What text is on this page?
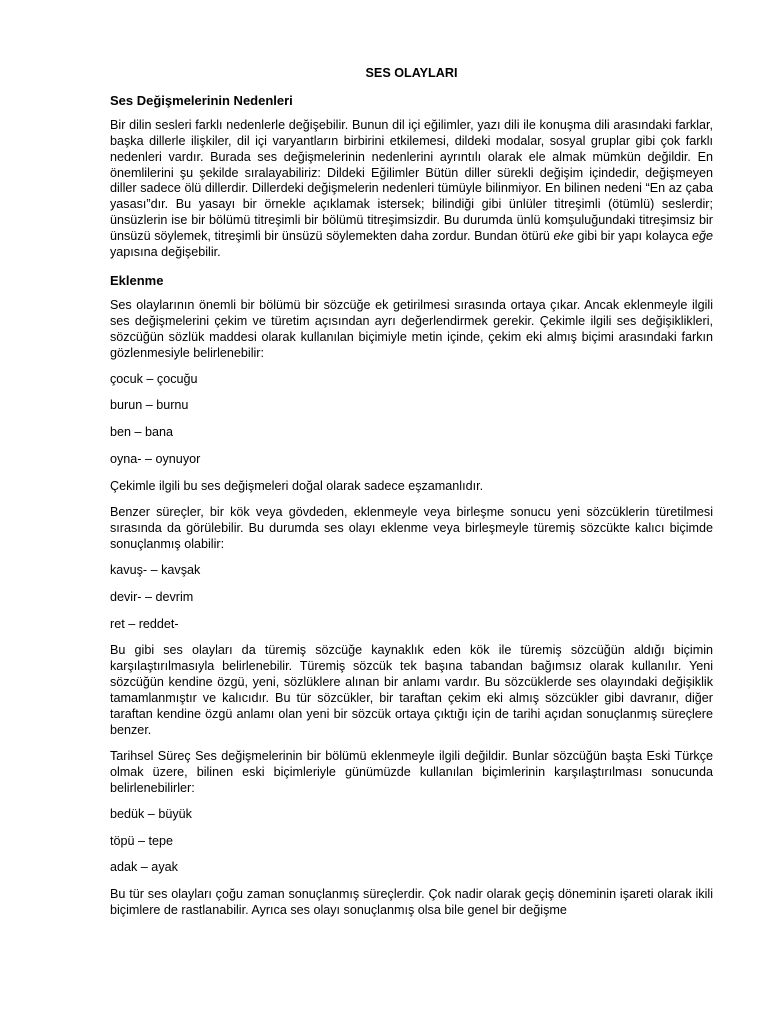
SES OLAYLARI
Ses Değişmelerinin Nedenleri

Bir dilin sesleri farklı nedenlerle değişebilir. Bunun dil içi eğilimler, yazı dili ile konuşma dili arasındaki farklar, başka dillerle ilişkiler, dil içi varyantların birbirini etkilemesi, dildeki modalar, sosyal gruplar gibi çok farklı nedenleri vardır. Burada ses değişmelerinin nedenlerini ayrıntılı olarak ele almak mümkün değildir. En önemlilerini şu şekilde sıralayabiliriz: Dildeki Eğilimler Bütün diller sürekli değişim içindedir, değişmeyen diller sadece ölü dillerdir. Dillerdeki değişmelerin nedenleri tümüyle bilinmiyor. En bilinen nedeni “En az çaba yasası”dır. Bu yasayı bir örnekle açıklamak istersek; bilindiği gibi ünlüler titreşimli (ötümlü) seslerdir; ünsüzlerin ise bir bölümü titreşimli bir bölümü titreşimsizdir. Bu durumda ünlü komşuluğundaki titreşimsiz bir ünsüzü söylemek, titreşimli bir ünsüzü söylemekten daha zordur. Bundan ötürü eke gibi bir yapı kolayca eğe yapısına değişebilir.

Eklenme

Ses olaylarının önemli bir bölümü bir sözcüğe ek getirilmesi sırasında ortaya çıkar. Ancak eklenmeyle ilgili ses değişmelerini çekim ve türetim açısından ayrı değerlendirmek gerekir. Çekimle ilgili ses değişiklikleri, sözcüğün sözlük maddesi olarak kullanılan biçimiyle metin içinde, çekim eki almış biçimi arasındaki farkın gözlenmesiyle belirlenebilir:

çocuk – çocuğu
burun – burnu
ben – bana
oyna- – oynuyor

Çekimle ilgili bu ses değişmeleri doğal olarak sadece eşzamanlıdır.

Benzer süreçler, bir kök veya gövdeden, eklenmeyle veya birleşme sonucu yeni sözcüklerin türetilmesi sırasında da görülebilir. Bu durumda ses olayı eklenme veya birleşmeyle türemiş sözcükte kalıcı biçimde sonuçlanmış olabilir:

kavuş- – kavşak
devir- – devrim
ret – reddet-

Bu gibi ses olayları da türemiş sözcüğe kaynaklık eden kök ile türemiş sözcüğün aldığı biçimin karşılaştırılmasıyla belirlenebilir. Türemiş sözcük tek başına tabandan bağımsız olarak kullanılır. Yeni sözcüğün kendine özgü, yeni, sözlüklere alınan bir anlamı vardır. Bu sözcüklerde ses olayındaki değişiklik tamamlanmıştır ve kalıcıdır. Bu tür sözcükler, bir taraftan çekim eki almış sözcükler gibi davranır, diğer taraftan kendine özgü anlamı olan yeni bir sözcük ortaya çıktığı için de tarihi açıdan sonuçlanmış süreçlere benzer.

Tarihsel Süreç Ses değişmelerinin bir bölümü eklenmeyle ilgili değildir. Bunlar sözcüğün başta Eski Türkçe olmak üzere, bilinen eski biçimleriyle günümüzde kullanılan biçimlerinin karşılaştırılması sonucunda belirlenebilirler:

bedük – büyük
töpü – tepe
adak – ayak

Bu tür ses olayları çoğu zaman sonuçlanmış süreçlerdir. Çok nadir olarak geçiş döneminin işareti olarak ikili biçimlere de rastlanabilir. Ayrıca ses olayı sonuçlanmış olsa bile genel bir değişme
